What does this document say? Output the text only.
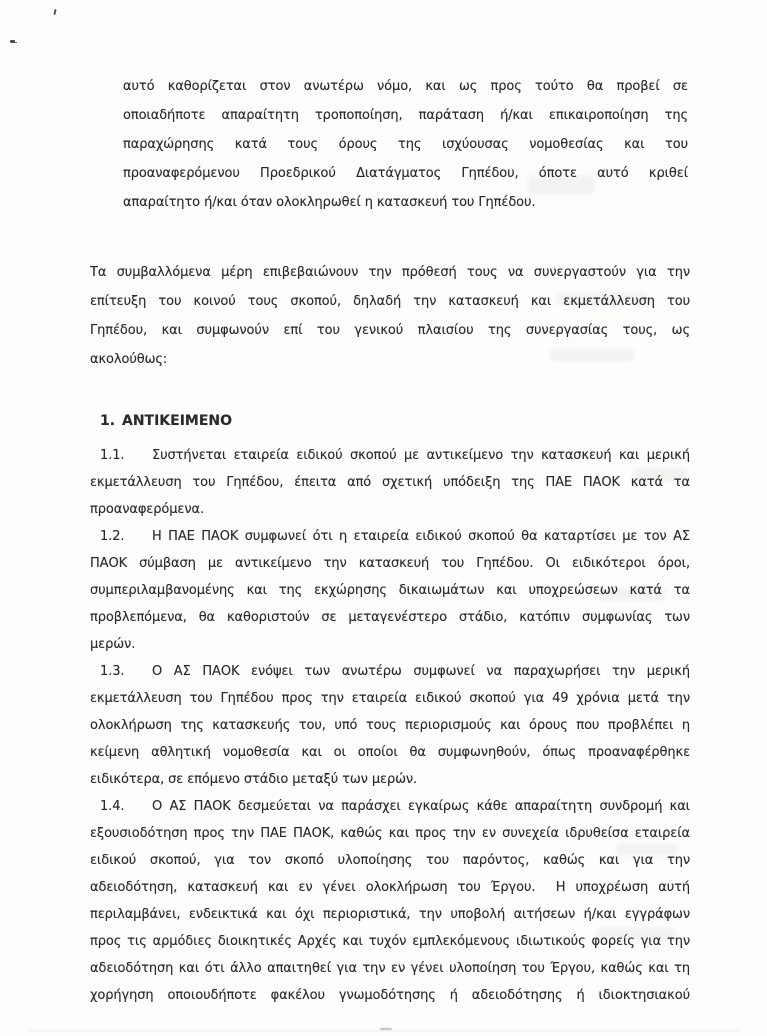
αυτό καθορίζεται στον ανωτέρω νόμο, και ως προς τούτο θα προβεί σε
οποιαδήποτε απαραίτητη τροποποίηση, παράταση ή/και επικαιροποίηση της
παραχώρησης κατά τους όρους της ισχύουσας νομοθεσίας και του
προαναφερόμενου Προεδρικού Διατάγματος Γηπέδου, όποτε αυτό κριθεί
απαραίτητο ή/και όταν ολοκληρωθεί η κατασκευή του Γηπέδου.
Τα συμβαλλόμενα μέρη επιβεβαιώνουν την πρόθεσή τους να συνεργαστούν για την
επίτευξη του κοινού τους σκοπού, δηλαδή την κατασκευή και εκμετάλλευση του
Γηπέδου, και συμφωνούν επί του γενικού πλαισίου της συνεργασίας τους, ως
ακολούθως:
1. ΑΝΤΙΚΕΙΜΕΝΟ
1.1. Συστήνεται εταιρεία ειδικού σκοπού με αντικείμενο την κατασκευή και μερική
εκμετάλλευση του Γηπέδου, έπειτα από σχετική υπόδειξη της ΠΑΕ ΠΑΟΚ κατά τα
προαναφερόμενα.
1.2. Η ΠΑΕ ΠΑΟΚ συμφωνεί ότι η εταιρεία ειδικού σκοπού θα καταρτίσει με τον ΑΣ
ΠΑΟΚ σύμβαση με αντικείμενο την κατασκευή του Γηπέδου. Οι ειδικότεροι όροι,
συμπεριλαμβανομένης και της εκχώρησης δικαιωμάτων και υποχρεώσεων κατά τα
προβλεπόμενα, θα καθοριστούν σε μεταγενέστερο στάδιο, κατόπιν συμφωνίας των
μερών.
1.3. Ο ΑΣ ΠΑΟΚ ενόψει των ανωτέρω συμφωνεί να παραχωρήσει την μερική
εκμετάλλευση του Γηπέδου προς την εταιρεία ειδικού σκοπού για 49 χρόνια μετά την
ολοκλήρωση της κατασκευής του, υπό τους περιορισμούς και όρους που προβλέπει η
κείμενη αθλητική νομοθεσία και οι οποίοι θα συμφωνηθούν, όπως προαναφέρθηκε
ειδικότερα, σε επόμενο στάδιο μεταξύ των μερών.
1.4. Ο ΑΣ ΠΑΟΚ δεσμεύεται να παράσχει εγκαίρως κάθε απαραίτητη συνδρομή και
εξουσιοδότηση προς την ΠΑΕ ΠΑΟΚ, καθώς και προς την εν συνεχεία ιδρυθείσα εταιρεία
ειδικού σκοπού, για τον σκοπό υλοποίησης του παρόντος, καθώς και για την
αδειοδότηση, κατασκευή και εν γένει ολοκλήρωση του Έργου.  Η υποχρέωση αυτή
περιλαμβάνει, ενδεικτικά και όχι περιοριστικά, την υποβολή αιτήσεων ή/και εγγράφων
προς τις αρμόδιες διοικητικές Αρχές και τυχόν εμπλεκόμενους ιδιωτικούς φορείς για την
αδειοδότηση και ότι άλλο απαιτηθεί για την εν γένει υλοποίηση του Έργου, καθώς και τη
χορήγηση οποιουδήποτε φακέλου γνωμοδότησης ή αδειοδότησης ή ιδιοκτησιακού
